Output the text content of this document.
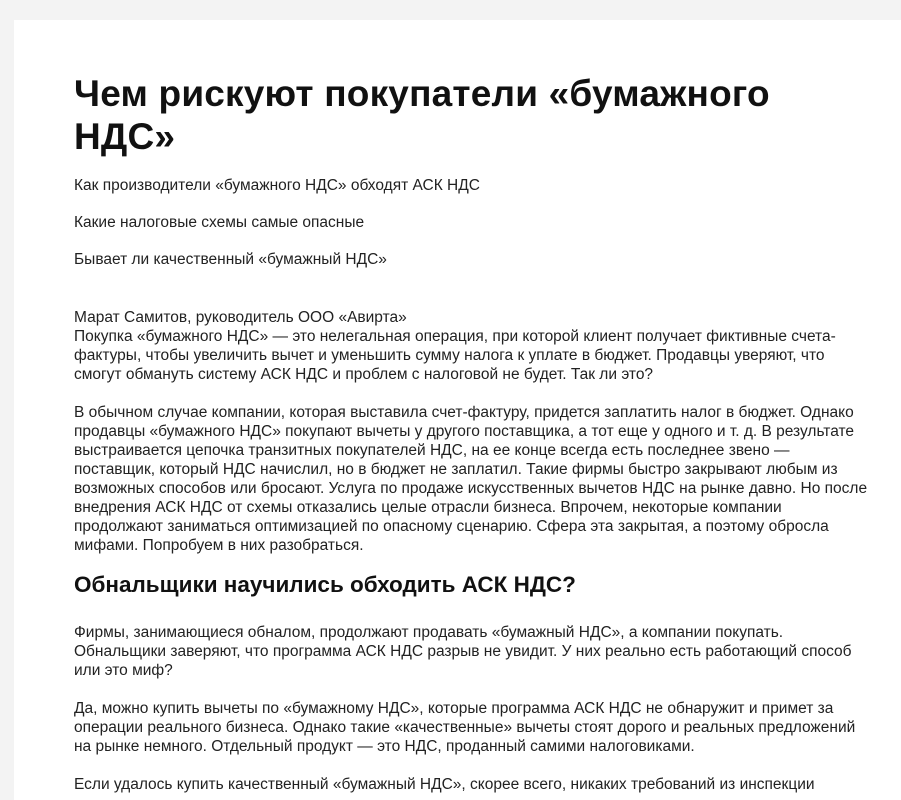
Чем рискуют покупатели «бумажного НДС»

Как производители «бумажного НДС» обходят АСК НДС

Какие налоговые схемы самые опасные

Бывает ли качественный «бумажный НДС»

Марат Самитов, руководитель ООО «Авирта»

Покупка «бумажного НДС» — это нелегальная операция, при которой клиент получает фиктивные счета-фактуры, чтобы увеличить вычет и уменьшить сумму налога к уплате в бюджет. Продавцы уверяют, что смогут обмануть систему АСК НДС и проблем с налоговой не будет. Так ли это?

В обычном случае компании, которая выставила счет-фактуру, придется заплатить налог в бюджет. Однако продавцы «бумажного НДС» покупают вычеты у другого поставщика, а тот еще у одного и т. д. В результате выстраивается цепочка транзитных покупателей НДС, на ее конце всегда есть последнее звено — поставщик, который НДС начислил, но в бюджет не заплатил. Такие фирмы быстро закрывают любым из возможных способов или бросают. Услуга по продаже искусственных вычетов НДС на рынке давно. Но после внедрения АСК НДС от схемы отказались целые отрасли бизнеса. Впрочем, некоторые компании продолжают заниматься оптимизацией по опасному сценарию. Сфера эта закрытая, а поэтому обросла мифами. Попробуем в них разобраться.

Обнальщики научились обходить АСК НДС?

Фирмы, занимающиеся обналом, продолжают продавать «бумажный НДС», а компании покупать. Обнальщики заверяют, что программа АСК НДС разрыв не увидит. У них реально есть работающий способ или это миф?

Да, можно купить вычеты по «бумажному НДС», которые программа АСК НДС не обнаружит и примет за операции реального бизнеса. Однако такие «качественные» вычеты стоят дорого и реальных предложений на рынке немного. Отдельный продукт — это НДС, проданный самими налоговиками.

Если удалось купить качественный «бумажный НДС», скорее всего, никаких требований из инспекции
